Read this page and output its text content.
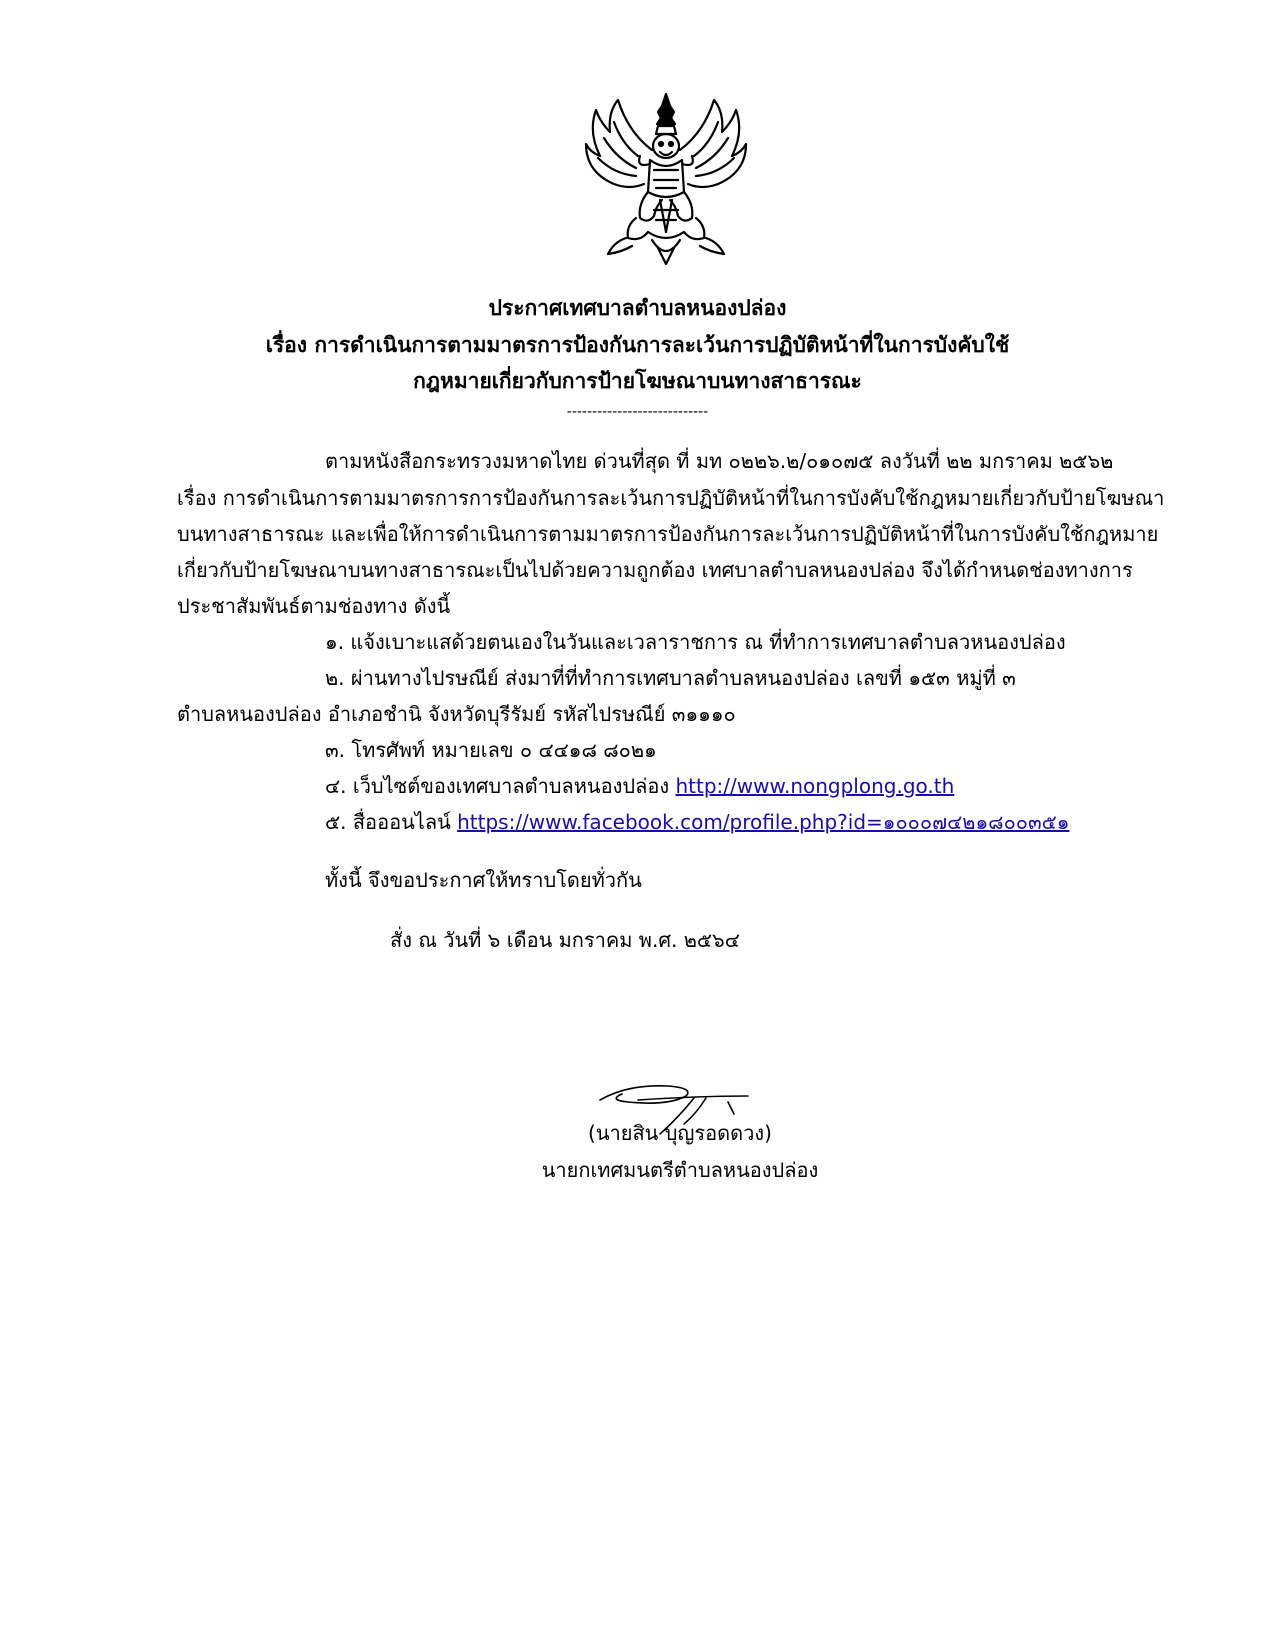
ประกาศเทศบาลตำบลหนองปล่อง
เรื่อง การดำเนินการตามมาตรการป้องกันการละเว้นการปฏิบัติหน้าที่ในการบังคับใช้
กฎหมายเกี่ยวกับการป้ายโฆษณาบนทางสาธารณะ
----------------------------
ตามหนังสือกระทรวงมหาดไทย ด่วนที่สุด ที่ มท ๐๒๒๖.๒/๐๑๐๗๕ ลงวันที่ ๒๒ มกราคม ๒๕๖๒
เรื่อง การดำเนินการตามมาตรการการป้องกันการละเว้นการปฏิบัติหน้าที่ในการบังคับใช้กฎหมายเกี่ยวกับป้ายโฆษณา
บนทางสาธารณะ และเพื่อให้การดำเนินการตามมาตรการป้องกันการละเว้นการปฏิบัติหน้าที่ในการบังคับใช้กฎหมาย
เกี่ยวกับป้ายโฆษณาบนทางสาธารณะเป็นไปด้วยความถูกต้อง เทศบาลตำบลหนองปล่อง จึงได้กำหนดช่องทางการ
ประชาสัมพันธ์ตามช่องทาง ดังนี้
๑. แจ้งเบาะแสด้วยตนเองในวันและเวลาราชการ ณ ที่ทำการเทศบาลตำบลวหนองปล่อง
๒. ผ่านทางไปรษณีย์ ส่งมาที่ที่ทำการเทศบาลตำบลหนองปล่อง เลขที่ ๑๕๓ หมู่ที่ ๓
ตำบลหนองปล่อง อำเภอชำนิ จังหวัดบุรีรัมย์ รหัสไปรษณีย์ ๓๑๑๑๐
๓. โทรศัพท์ หมายเลข ๐ ๔๔๑๘ ๘๐๒๑
๔. เว็บไซต์ของเทศบาลตำบลหนองปล่อง http://www.nongplong.go.th
๕. สื่อออนไลน์ https://www.facebook.com/profile.php?id=๑๐๐๐๗๔๒๑๘๐๐๓๕๑
ทั้งนี้ จึงขอประกาศให้ทราบโดยทั่วกัน
สั่ง ณ วันที่ ๖ เดือน มกราคม พ.ศ. ๒๕๖๔
(นายสิน บุญรอดดวง)
นายกเทศมนตรีตำบลหนองปล่อง
